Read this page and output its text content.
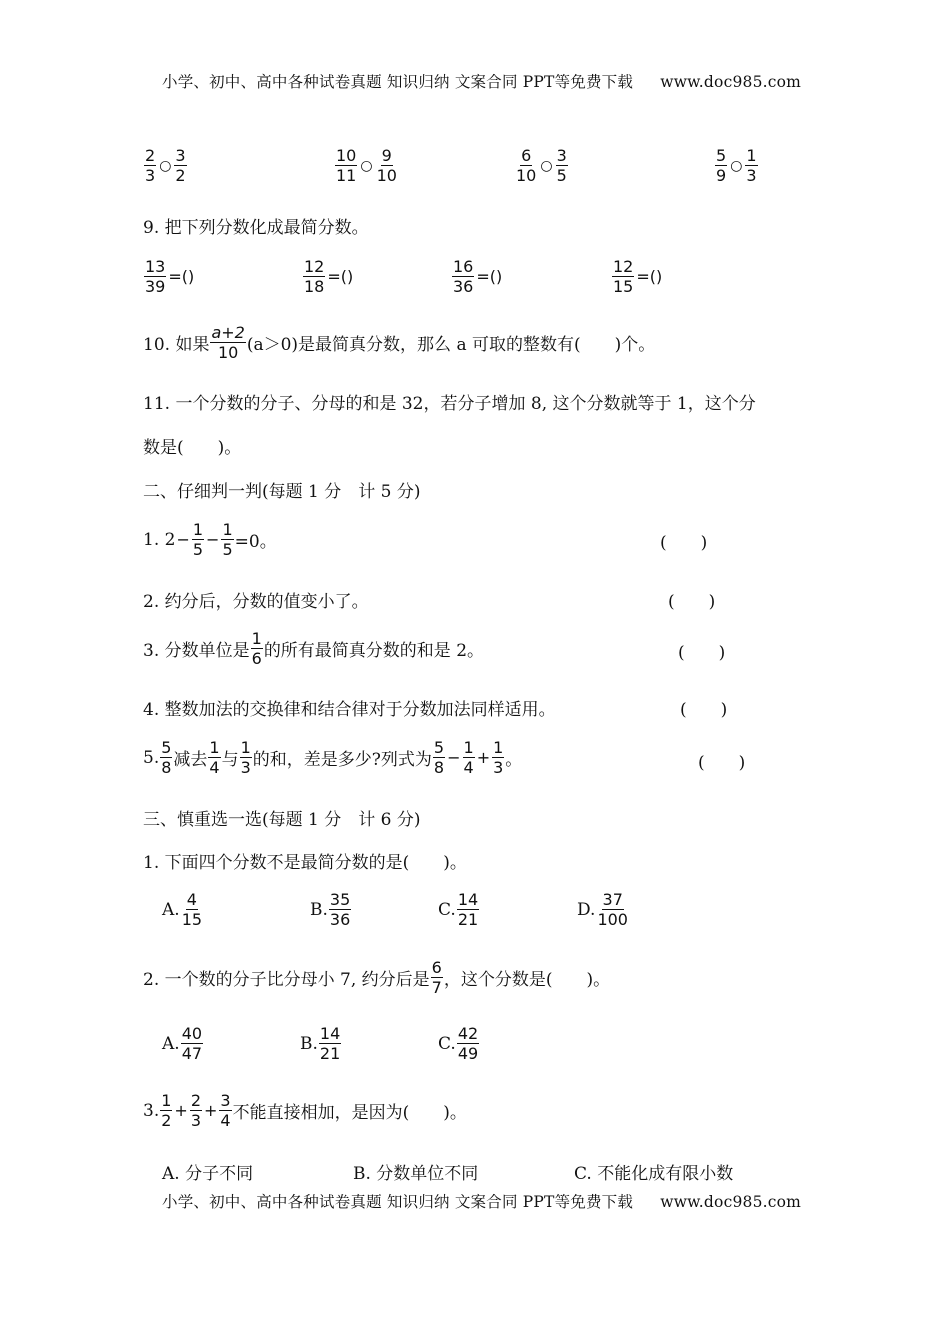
小学、初中、高中各种试卷真题 知识归纳 文案合同 PPT等免费下载 www.doc985.com
$\frac{2}{3}$ ○ $\frac{3}{2}$	$\frac{10}{11}$ ○ $\frac{9}{10}$	$\frac{6}{10}$ ○ $\frac{3}{5}$	$\frac{5}{9}$ ○ $\frac{1}{3}$
9. 把下列分数化成最简分数。
$\frac{13}{39}$ =()	$\frac{12}{18}$ =()	$\frac{16}{36}$ =()	$\frac{12}{15}$ =()
10. 如果 $\frac{a+2}{10} (a>0)$是最简真分数，那么 a 可取的整数有(　　)个。
11. 一个分数的分子、分母的和是 32，若分子增加 8, 这个分数就等于 1，这个分
数是(　　)。
二、仔细判一判(每题 1 分　计 5 分)
1. $2 - \frac{1}{5} - \frac{1}{5} =0$。	(　　)
2. 约分后，分数的值变小了。	(　　)
3. 分数单位是 $\frac{1}{6}$ 的所有最简真分数的和是 2。	(　　)
4. 整数加法的交换律和结合律对于分数加法同样适用。	(　　)
5. $\frac{5}{8}$ 减去 $\frac{1}{4}$ 与 $\frac{1}{3}$ 的和，差是多少?列式为 $\frac{5}{8} - \frac{1}{4} + \frac{1}{3}$ 。	(　　)
三、慎重选一选(每题 1 分　计 6 分)
1. 下面四个分数不是最简分数的是(　　)。
A. $\frac{4}{15}$	B. $\frac{35}{36}$	C. $\frac{14}{21}$	D. $\frac{37}{100}$
2. 一个数的分子比分母小 7, 约分后是 $\frac{6}{7}$ ，这个分数是(　　)。
A. $\frac{40}{47}$	B. $\frac{14}{21}$	C. $\frac{42}{49}$
3. $\frac{1}{2} + \frac{2}{3} + \frac{3}{4}$ 不能直接相加，是因为(　　)。
A. 分子不同	B. 分数单位不同	C. 不能化成有限小数
小学、初中、高中各种试卷真题 知识归纳 文案合同 PPT等免费下载 www.doc985.com
